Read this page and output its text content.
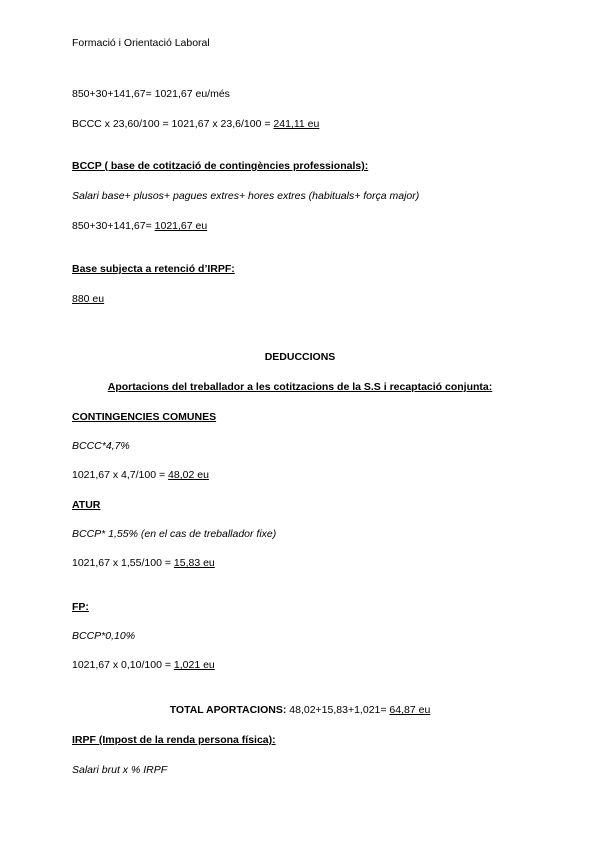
Formació i Orientació Laboral
850+30+141,67= 1021,67 eu/més
BCCC x 23,60/100 = 1021,67 x 23,6/100 = 241,11 eu
BCCP ( base de cotització de contingències professionals):
Salari base+ plusos+ pagues extres+ hores extres (habituals+ força major)
850+30+141,67= 1021,67 eu
Base subjecta a retenció d’IRPF:
880 eu
DEDUCCIONS
Aportacions del treballador a les cotitzacions de la S.S i recaptació conjunta:
CONTINGENCIES COMUNES
BCCC*4,7%
1021,67 x 4,7/100 = 48,02 eu
ATUR
BCCP* 1,55% (en el cas de treballador fixe)
1021,67 x 1,55/100 = 15,83 eu
FP:
BCCP*0,10%
1021,67 x 0,10/100 = 1,021 eu
TOTAL APORTACIONS: 48,02+15,83+1,021= 64,87 eu
IRPF (Impost de la renda persona física):
Salari brut x % IRPF
